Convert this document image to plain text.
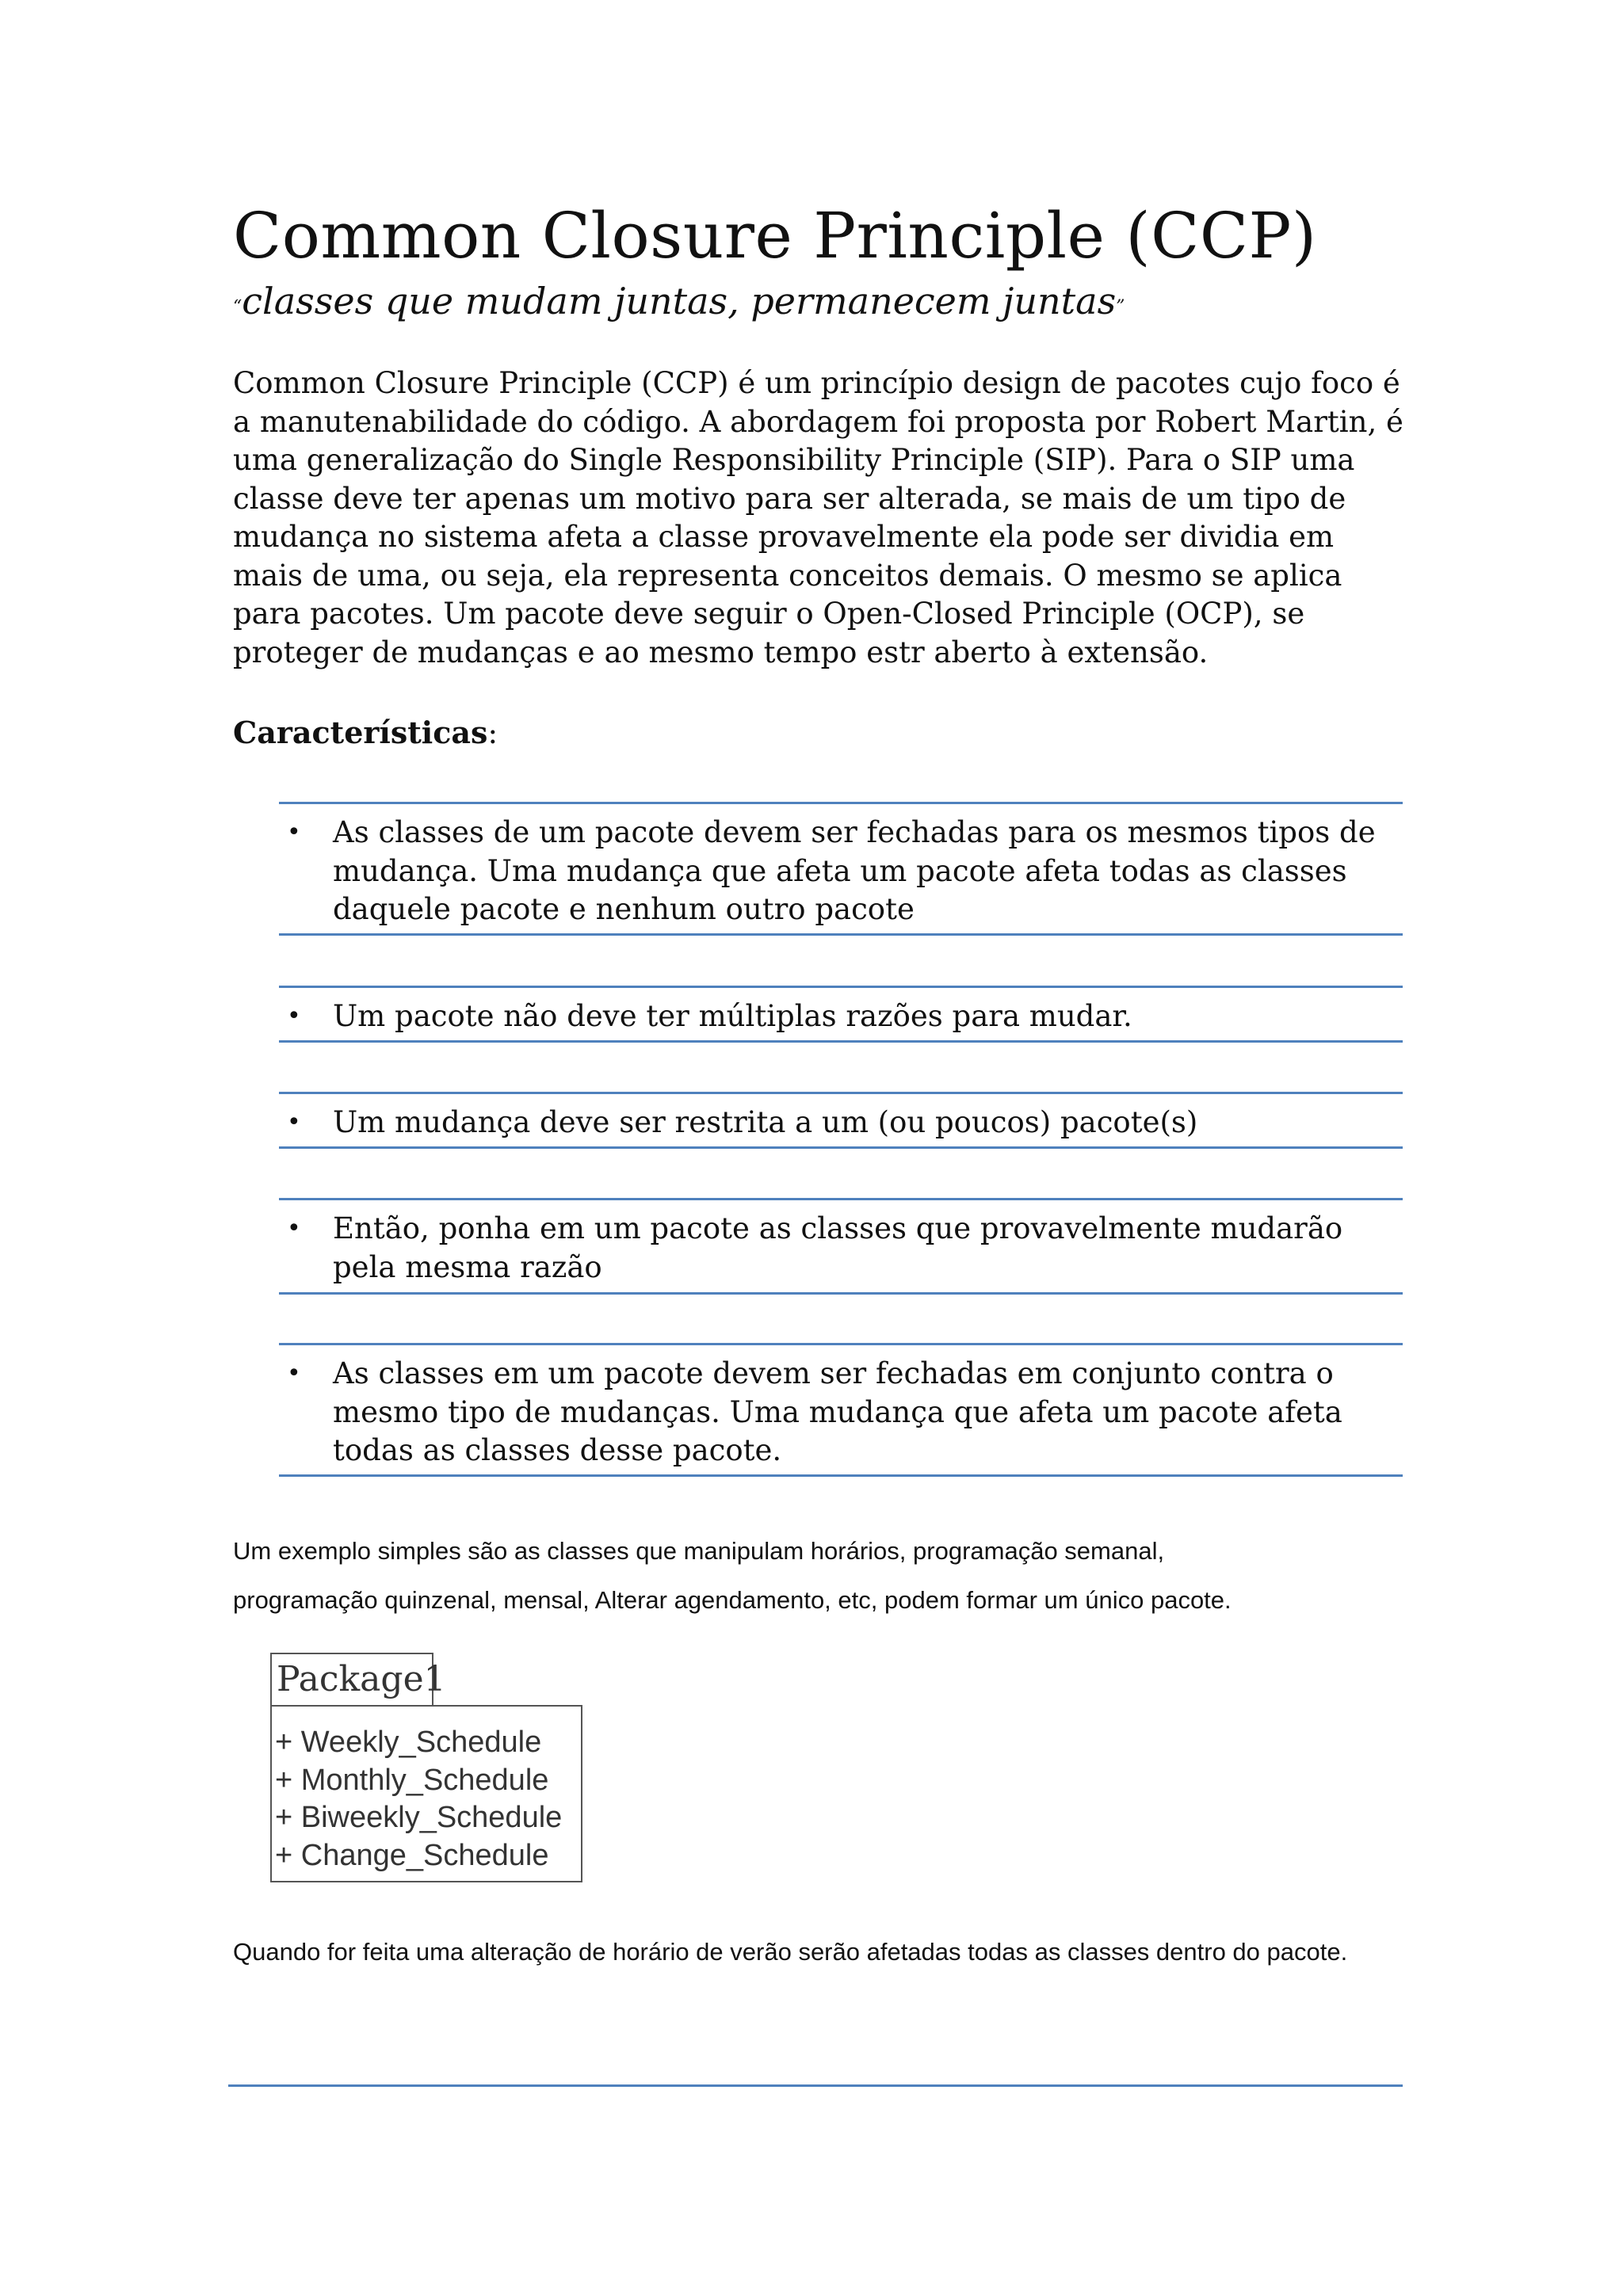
Common Closure Principle (CCP)
“classes que mudam juntas, permanecem juntas”

Common Closure Principle (CCP) é um princípio design de pacotes cujo foco é a manutenabilidade do código. A abordagem foi proposta por Robert Martin, é uma generalização do Single Responsibility Principle (SIP). Para o SIP uma classe deve ter apenas um motivo para ser alterada, se mais de um tipo de mudança no sistema afeta a classe provavelmente ela pode ser dividia em mais de uma, ou seja, ela representa conceitos demais. O mesmo se aplica para pacotes. Um pacote deve seguir o Open-Closed Principle (OCP), se proteger de mudanças e ao mesmo tempo estr aberto à extensão.

Características:
• As classes de um pacote devem ser fechadas para os mesmos tipos de mudança. Uma mudança que afeta um pacote afeta todas as classes daquele pacote e nenhum outro pacote
• Um pacote não deve ter múltiplas razões para mudar.
• Um mudança deve ser restrita a um (ou poucos) pacote(s)
• Então, ponha em um pacote as classes que provavelmente mudarão pela mesma razão
• As classes em um pacote devem ser fechadas em conjunto contra o mesmo tipo de mudanças. Uma mudança que afeta um pacote afeta todas as classes desse pacote.
Um exemplo simples são as classes que manipulam horários, programação semanal,
programação quinzenal, mensal, Alterar agendamento, etc, podem formar um único pacote.
Package1
+ Weekly_Schedule
+ Monthly_Schedule
+ Biweekly_Schedule
+ Change_Schedule
Quando for feita uma alteração de horário de verão serão afetadas todas as classes dentro do pacote.
